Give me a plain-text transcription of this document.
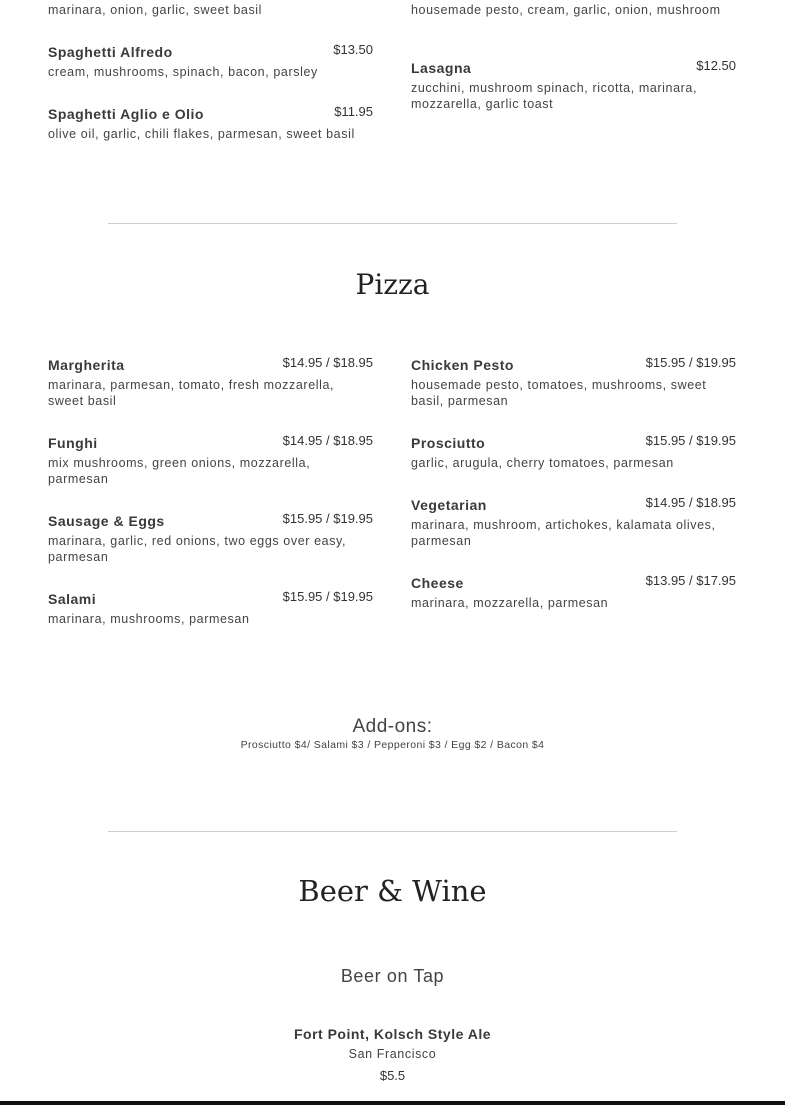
marinara, onion, garlic, sweet basil	housemade pesto, cream, garlic, onion, mushroom
Spaghetti Alfredo	$13.50
cream, mushrooms, spinach, bacon, parsley
Spaghetti Aglio e Olio	$11.95
olive oil, garlic, chili flakes, parmesan, sweet basil
Lasagna	$12.50
zucchini, mushroom spinach, ricotta, marinara, mozzarella, garlic toast
Pizza
Margherita	$14.95 / $18.95
marinara, parmesan, tomato, fresh mozzarella, sweet basil
Funghi	$14.95 / $18.95
mix mushrooms, green onions, mozzarella, parmesan
Sausage & Eggs	$15.95 / $19.95
marinara, garlic, red onions, two eggs over easy, parmesan
Salami	$15.95 / $19.95
marinara, mushrooms, parmesan
Chicken Pesto	$15.95 / $19.95
housemade pesto, tomatoes, mushrooms, sweet basil, parmesan
Prosciutto	$15.95 / $19.95
garlic, arugula, cherry tomatoes, parmesan
Vegetarian	$14.95 / $18.95
marinara, mushroom, artichokes, kalamata olives, parmesan
Cheese	$13.95 / $17.95
marinara, mozzarella, parmesan
Add-ons:
Prosciutto $4/ Salami $3 / Pepperoni $3 / Egg $2 / Bacon $4
Beer & Wine
Beer on Tap
Fort Point, Kolsch Style Ale
San Francisco
$5.5
